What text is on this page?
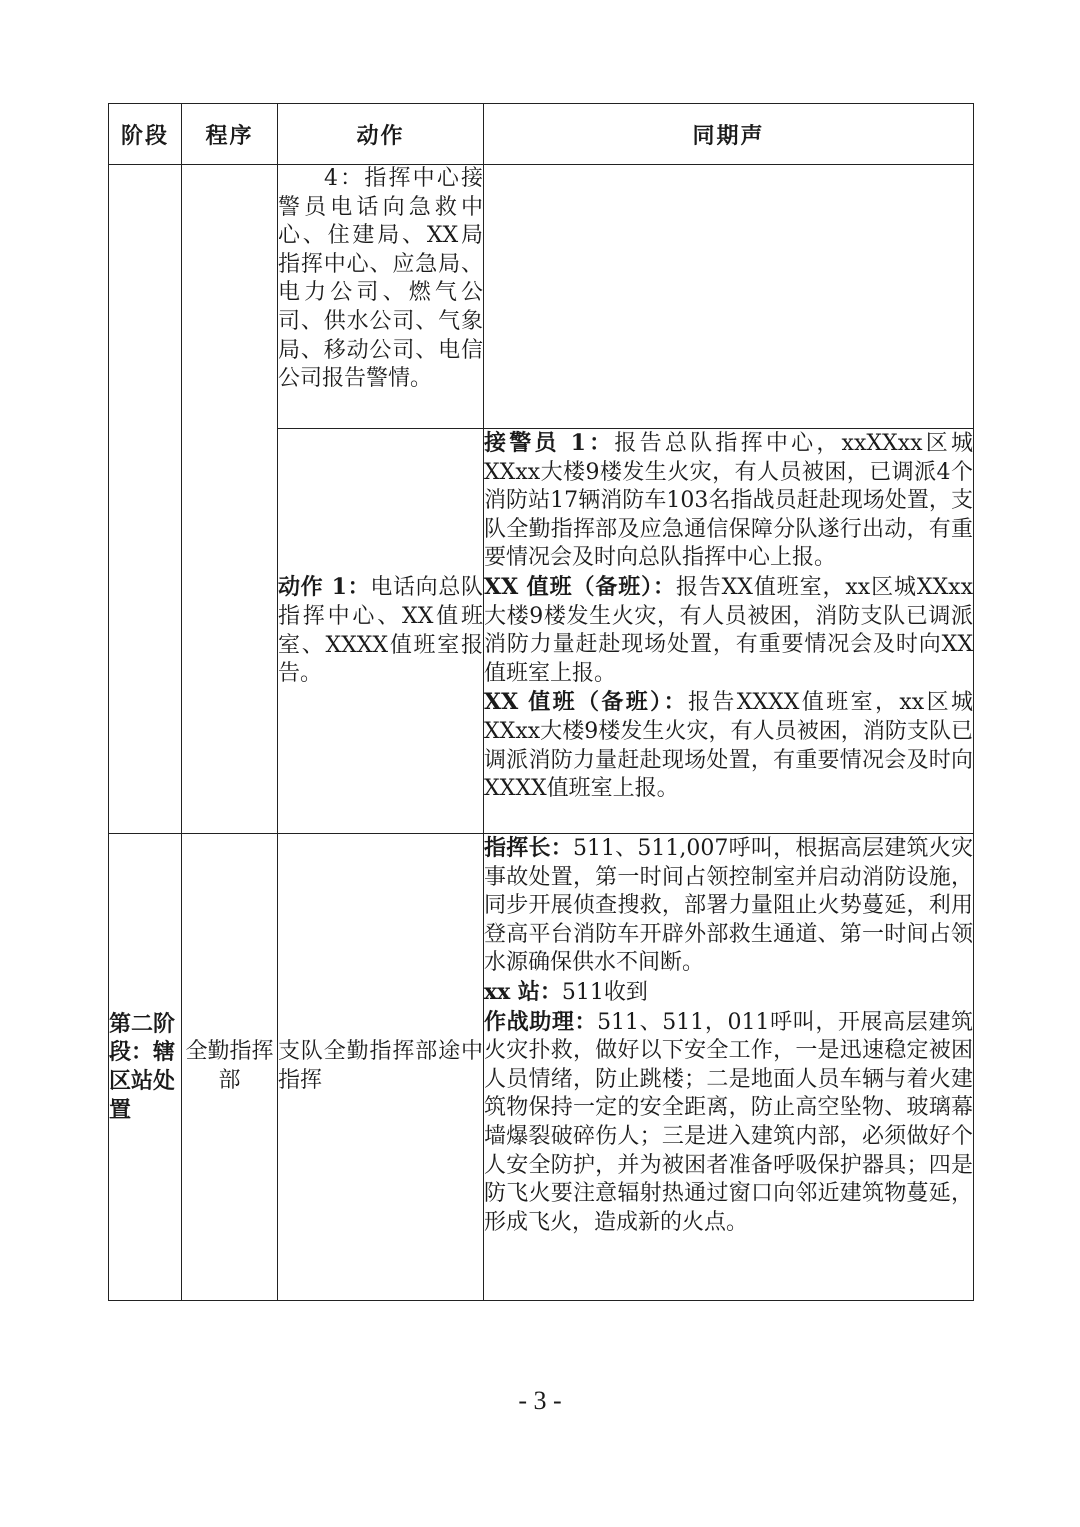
阶段	程序	动作	同期声

		4：指挥中心接警员电话向急救中心、住建局、XX局指挥中心、应急局、电力公司、燃气公司、供水公司、气象局、移动公司、电信公司报告警情。	

		动作 1：电话向总队指挥中心、XX值班室、XXXX值班室报告。	接警员 1：报告总队指挥中心，xxXXxx区城XXxx大楼9楼发生火灾，有人员被困，已调派4个消防站17辆消防车103名指战员赶赴现场处置，支队全勤指挥部及应急通信保障分队遂行出动，有重要情况会及时向总队指挥中心上报。

XX 值班（备班）：报告XX值班室，xx区城XXxx大楼9楼发生火灾，有人员被困，消防支队已调派消防力量赶赴现场处置，有重要情况会及时向XX值班室上报。

XX 值班（备班）：报告XXXX值班室，xx区城XXxx大楼9楼发生火灾，有人员被困，消防支队已调派消防力量赶赴现场处置，有重要情况会及时向XXXX值班室上报。

第二阶段：辖区站处置	全勤指挥部	支队全勤指挥部途中指挥	指挥长：511、511,007呼叫，根据高层建筑火灾事故处置，第一时间占领控制室并启动消防设施，同步开展侦查搜救，部署力量阻止火势蔓延，利用登高平台消防车开辟外部救生通道、第一时间占领水源确保供水不间断。

xx 站：511收到

作战助理：511、511，011呼叫，开展高层建筑火灾扑救，做好以下安全工作，一是迅速稳定被困人员情绪，防止跳楼；二是地面人员车辆与着火建筑物保持一定的安全距离，防止高空坠物、玻璃幕墙爆裂破碎伤人；三是进入建筑内部，必须做好个人安全防护，并为被困者准备呼吸保护器具；四是防飞火要注意辐射热通过窗口向邻近建筑物蔓延，形成飞火，造成新的火点。

- 3 -
